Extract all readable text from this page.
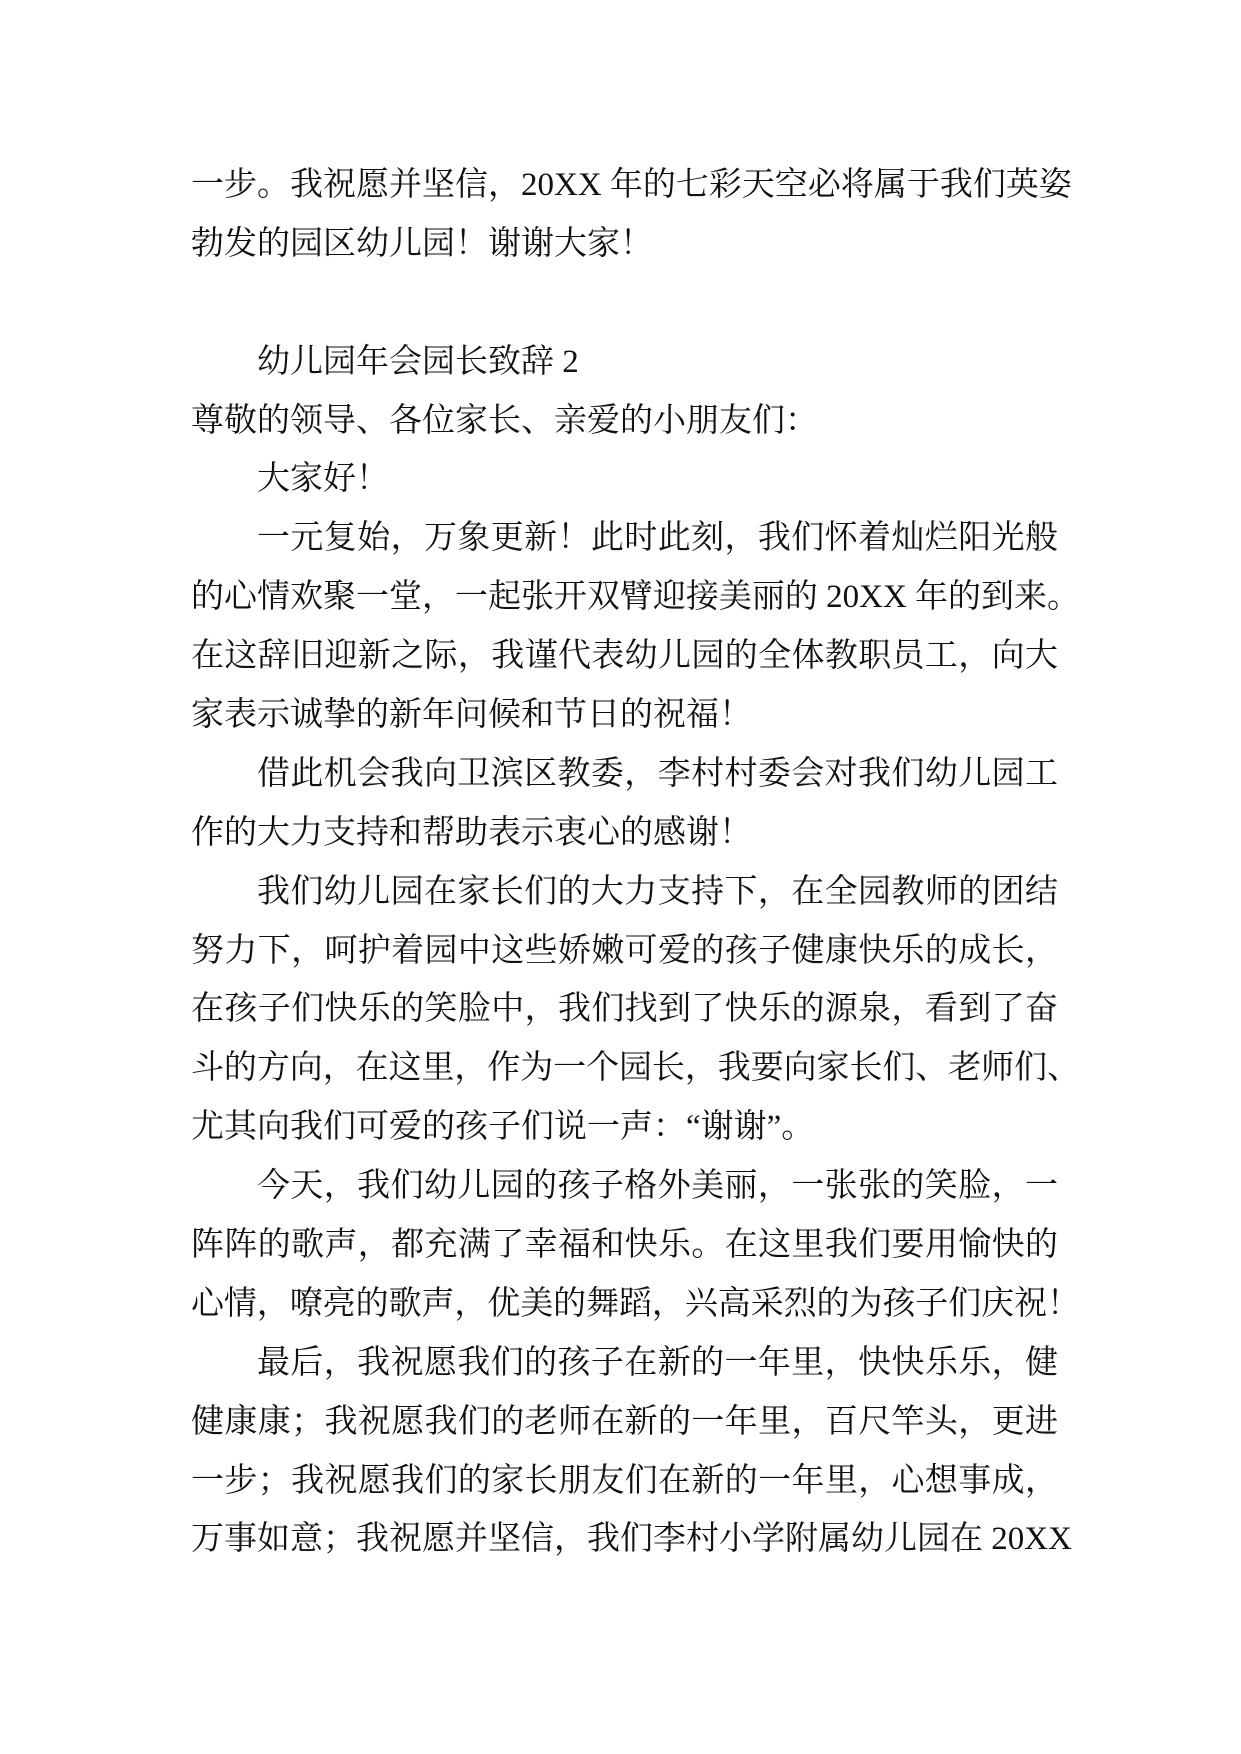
一步。我祝愿并坚信，20XX 年的七彩天空必将属于我们英姿
勃发的园区幼儿园！谢谢大家！
幼儿园年会园长致辞 2
尊敬的领导、各位家长、亲爱的小朋友们：
大家好！
一元复始，万象更新！此时此刻，我们怀着灿烂阳光般
的心情欢聚一堂，一起张开双臂迎接美丽的 20XX 年的到来。
在这辞旧迎新之际，我谨代表幼儿园的全体教职员工，向大
家表示诚挚的新年问候和节日的祝福！
借此机会我向卫滨区教委，李村村委会对我们幼儿园工
作的大力支持和帮助表示衷心的感谢！
我们幼儿园在家长们的大力支持下，在全园教师的团结
努力下，呵护着园中这些娇嫩可爱的孩子健康快乐的成长，
在孩子们快乐的笑脸中，我们找到了快乐的源泉，看到了奋
斗的方向，在这里，作为一个园长，我要向家长们、老师们、
尤其向我们可爱的孩子们说一声：“谢谢”。
今天，我们幼儿园的孩子格外美丽，一张张的笑脸，一
阵阵的歌声，都充满了幸福和快乐。在这里我们要用愉快的
心情，嘹亮的歌声，优美的舞蹈，兴高采烈的为孩子们庆祝！
最后，我祝愿我们的孩子在新的一年里，快快乐乐，健
健康康；我祝愿我们的老师在新的一年里，百尺竿头，更进
一步；我祝愿我们的家长朋友们在新的一年里，心想事成，
万事如意；我祝愿并坚信，我们李村小学附属幼儿园在 20XX
